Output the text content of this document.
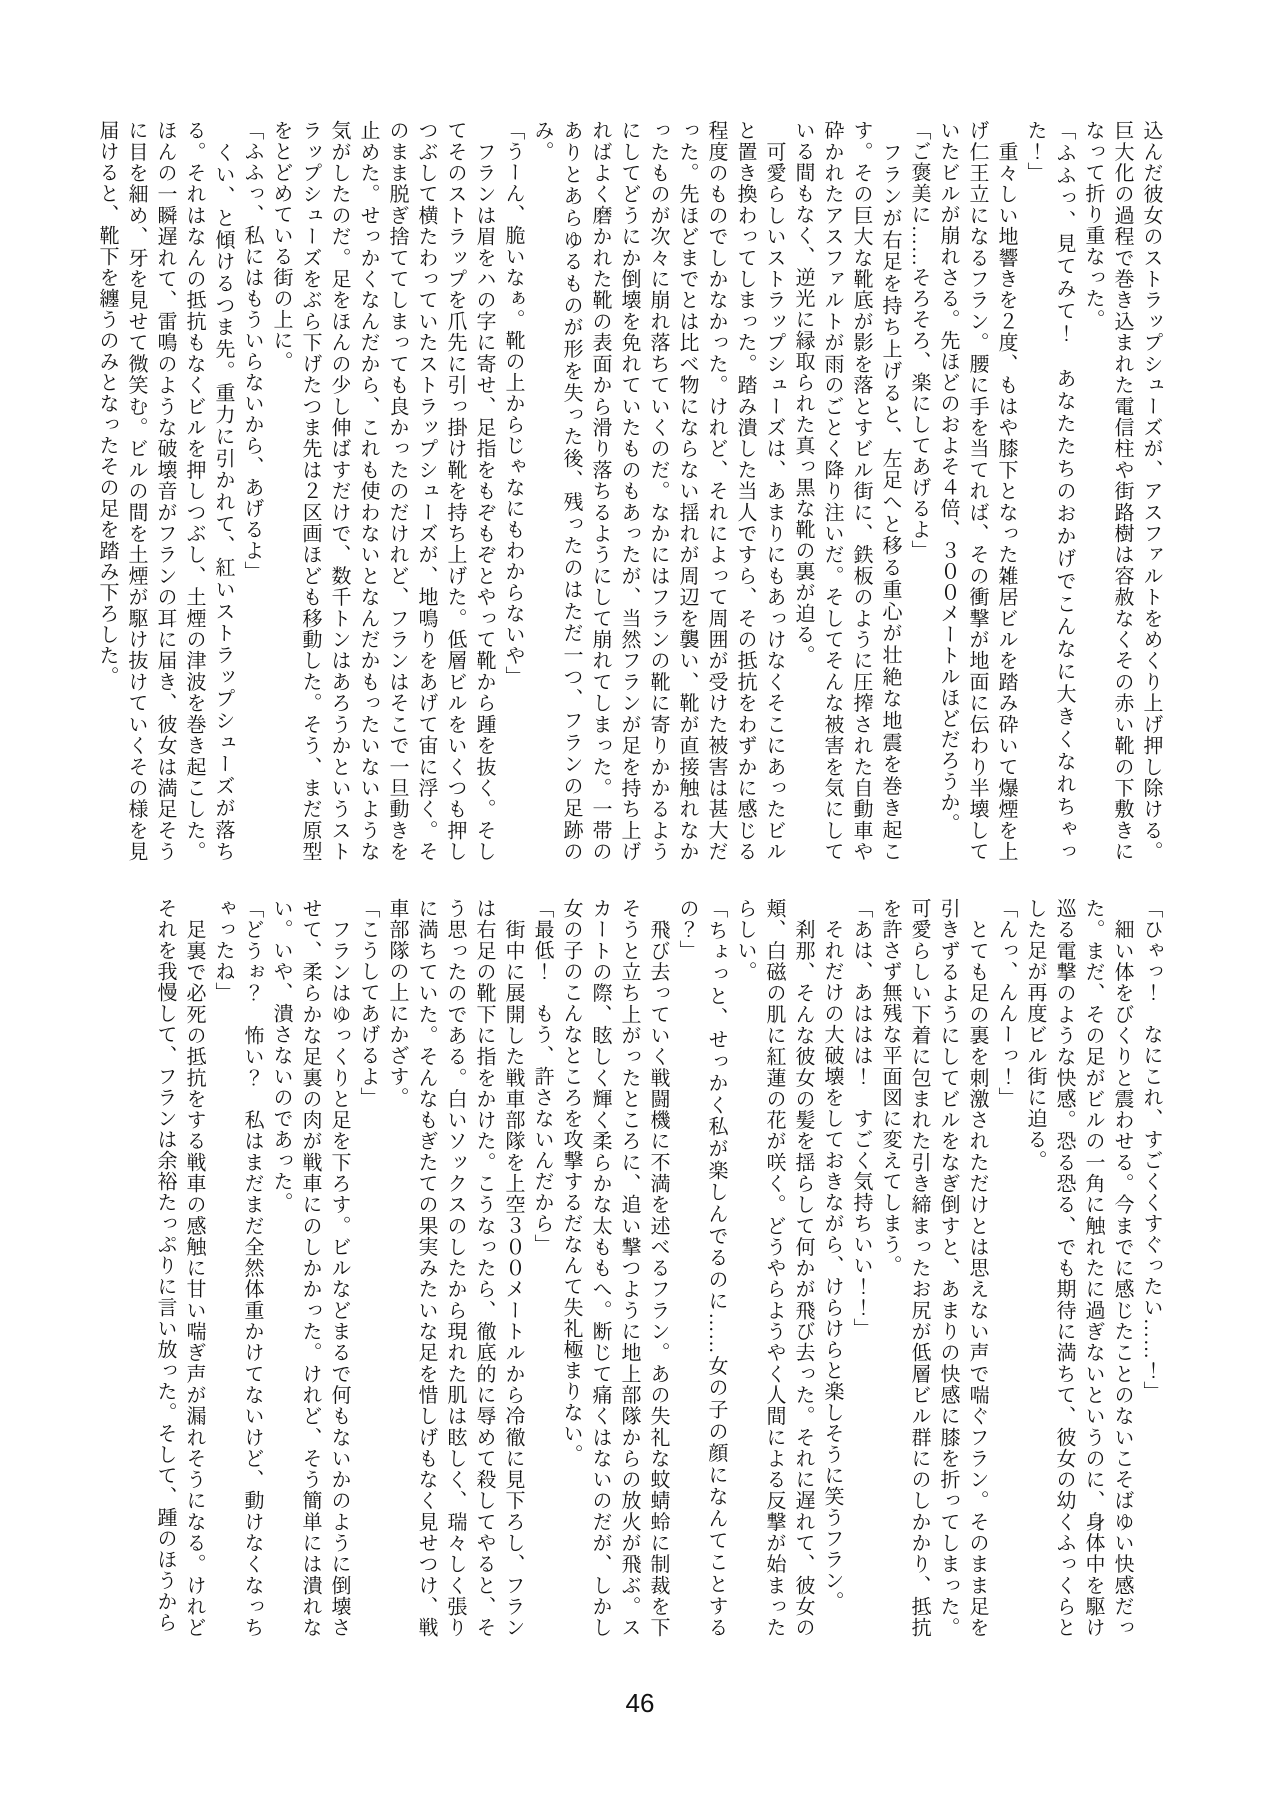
込んだ彼女のストラップシューズが、アスファルトをめくり上げ押し除ける。巨大化の過程で巻き込まれた電信柱や街路樹は容赦なくその赤い靴の下敷きになって折り重なった。

「ふふっ、見てみて！　あなたたちのおかげでこんなに大きくなれちゃった！」

　重々しい地響きを２度、もはや膝下となった雑居ビルを踏み砕いて爆煙を上げ仁王立になるフラン。腰に手を当てれば、その衝撃が地面に伝わり半壊していたビルが崩れさる。先ほどのおよそ４倍、３００メートルほどだろうか。

「ご褒美に……そろそろ、楽にしてあげるよ」

　フランが右足を持ち上げると、左足へと移る重心が壮絶な地震を巻き起こす。その巨大な靴底が影を落とすビル街に、鉄板のように圧搾された自動車や砕かれたアスファルトが雨のごとく降り注いだ。そしてそんな被害を気にしている間もなく、逆光に縁取られた真っ黒な靴の裏が迫る。

　可愛らしいストラップシューズは、あまりにもあっけなくそこにあったビルと置き換わってしまった。踏み潰した当人ですら、その抵抗をわずかに感じる程度のものでしかなかった。けれど、それによって周囲が受けた被害は甚大だった。先ほどまでとは比べ物にならない揺れが周辺を襲い、靴が直接触れなかったものが次々に崩れ落ちていくのだ。なかにはフランの靴に寄りかかるようにしてどうにか倒壊を免れていたものもあったが、当然フランが足を持ち上げればよく磨かれた靴の表面から滑り落ちるようにして崩れてしまった。一帯のありとあらゆるものが形を失った後、残ったのはただ一つ、フランの足跡のみ。

「うーん、脆いなぁ。靴の上からじゃなにもわからないや」

　フランは眉をハの字に寄せ、足指をもぞもぞとやって靴から踵を抜く。そしてそのストラップを爪先に引っ掛け靴を持ち上げた。低層ビルをいくつも押しつぶして横たわっていたストラップシューズが、地鳴りをあげて宙に浮く。そのまま脱ぎ捨ててしまっても良かったのだけれど、フランはそこで一旦動きを止めた。せっかくなんだから、これも使わないとなんだかもったいないような気がしたのだ。足をほんの少し伸ばすだけで、数千トンはあろうかというストラップシューズをぶら下げたつま先は２区画ほども移動した。そう、まだ原型をとどめている街の上に。

「ふふっ、私にはもういらないから、あげるよ」

　くい、と傾けるつま先。重力に引かれて、紅いストラップシューズが落ちる。それはなんの抵抗もなくビルを押しつぶし、土煙の津波を巻き起こした。ほんの一瞬遅れて、雷鳴のような破壊音がフランの耳に届き、彼女は満足そうに目を細め、牙を見せて微笑む。ビルの間を土煙が駆け抜けていくその様を見届けると、靴下を纏うのみとなったその足を踏み下ろした。

「ひゃっ！　なにこれ、すごくくすぐったい……！」

　細い体をびくりと震わせる。今までに感じたことのないこそばゆい快感だった。まだ、その足がビルの一角に触れたに過ぎないというのに、身体中を駆け巡る電撃のような快感。恐る恐る、でも期待に満ちて、彼女の幼くふっくらとした足が再度ビル街に迫る。

「んっ、んんーっ！」

　とても足の裏を刺激されただけとは思えない声で喘ぐフラン。そのまま足を引きずるようにしてビルをなぎ倒すと、あまりの快感に膝を折ってしまった。可愛らしい下着に包まれた引き締まったお尻が低層ビル群にのしかかり、抵抗を許さず無残な平面図に変えてしまう。

「あは、あははは！　すごく気持ちいい！！」

　それだけの大破壊をしておきながら、けらけらと楽しそうに笑うフラン。

　刹那、そんな彼女の髪を揺らして何かが飛び去った。それに遅れて、彼女の頬、白磁の肌に紅蓮の花が咲く。どうやらようやく人間による反撃が始まったらしい。

「ちょっと、せっかく私が楽しんでるのに……女の子の顔になんてことするの？」

　飛び去っていく戦闘機に不満を述べるフラン。あの失礼な蚊蜻蛉に制裁を下そうと立ち上がったところに、追い撃つように地上部隊からの放火が飛ぶ。スカートの際、眩しく輝く柔らかな太ももへ。断じて痛くはないのだが、しかし女の子のこんなところを攻撃するだなんて失礼極まりない。

「最低！　もう、許さないんだから」

　街中に展開した戦車部隊を上空３００メートルから冷徹に見下ろし、フランは右足の靴下に指をかけた。こうなったら、徹底的に辱めて殺してやると、そう思ったのである。白いソックスのしたから現れた肌は眩しく、瑞々しく張りに満ちていた。そんなもぎたての果実みたいな足を惜しげもなく見せつけ、戦車部隊の上にかざす。

「こうしてあげるよ」

　フランはゆっくりと足を下ろす。ビルなどまるで何もないかのように倒壊させて、柔らかな足裏の肉が戦車にのしかかった。けれど、そう簡単には潰れない。いや、潰さないのであった。

「どうぉ？　怖い？　私はまだまだ全然体重かけてないけど、動けなくなっちゃったね」

　足裏で必死の抵抗をする戦車の感触に甘い喘ぎ声が漏れそうになる。けれどそれを我慢して、フランは余裕たっぷりに言い放った。そして、踵のほうから

46
